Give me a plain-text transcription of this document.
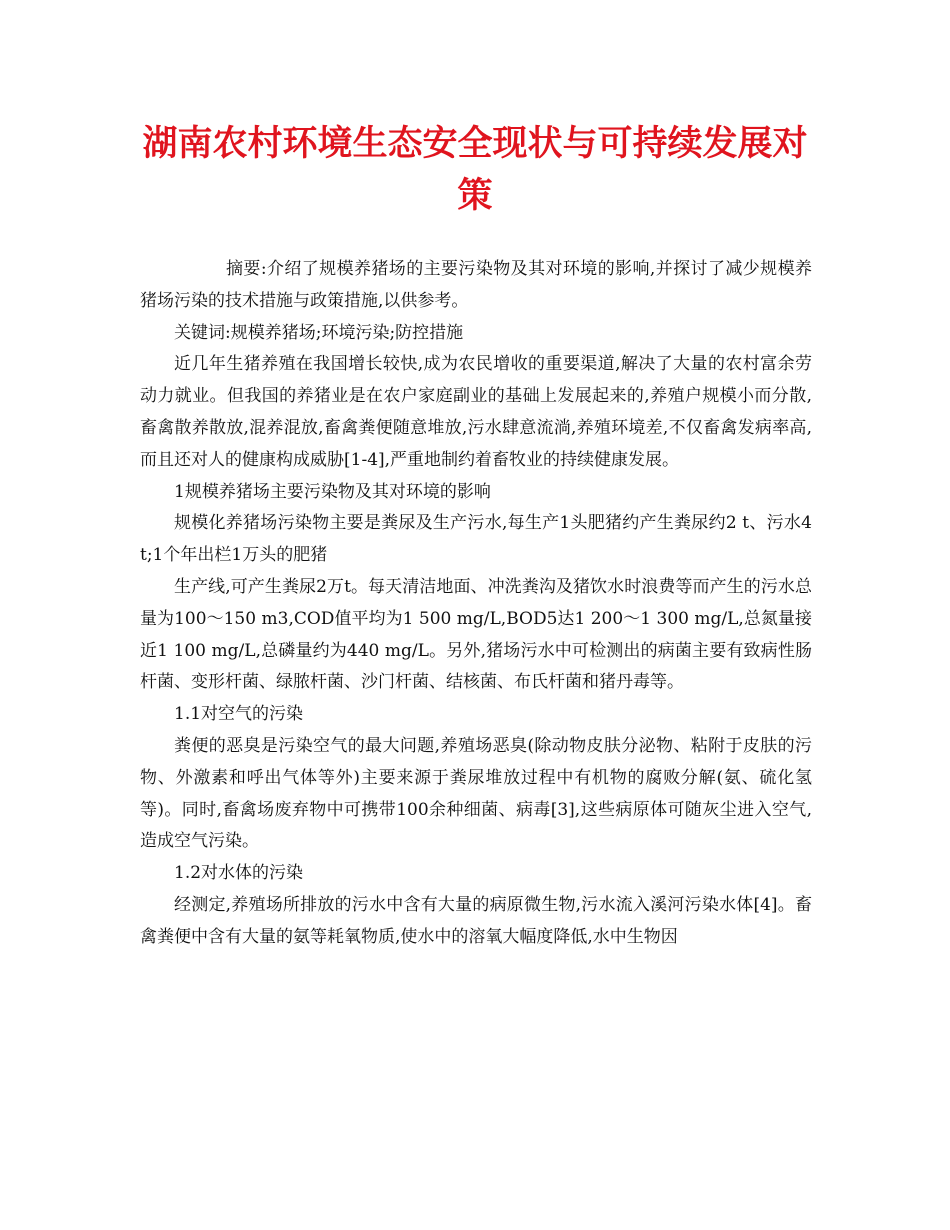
湖南农村环境生态安全现状与可持续发展对策

摘要:介绍了规模养猪场的主要污染物及其对环境的影响,并探讨了减少规模养猪场污染的技术措施与政策措施,以供参考。

关键词:规模养猪场;环境污染;防控措施

近几年生猪养殖在我国增长较快,成为农民增收的重要渠道,解决了大量的农村富余劳动力就业。但我国的养猪业是在农户家庭副业的基础上发展起来的,养殖户规模小而分散,畜禽散养散放,混养混放,畜禽粪便随意堆放,污水肆意流淌,养殖环境差,不仅畜禽发病率高,而且还对人的健康构成威胁[1-4],严重地制约着畜牧业的持续健康发展。

1规模养猪场主要污染物及其对环境的影响

规模化养猪场污染物主要是粪尿及生产污水,每生产1头肥猪约产生粪尿约2 t、污水4 t;1个年出栏1万头的肥猪

生产线,可产生粪尿2万t。每天清洁地面、冲洗粪沟及猪饮水时浪费等而产生的污水总量为100～150 m3,COD值平均为1 500 mg/L,BOD5达1 200～1 300 mg/L,总氮量接近1 100 mg/L,总磷量约为440 mg/L。另外,猪场污水中可检测出的病菌主要有致病性肠杆菌、变形杆菌、绿脓杆菌、沙门杆菌、结核菌、布氏杆菌和猪丹毒等。

1.1对空气的污染

粪便的恶臭是污染空气的最大问题,养殖场恶臭(除动物皮肤分泌物、粘附于皮肤的污物、外激素和呼出气体等外)主要来源于粪尿堆放过程中有机物的腐败分解(氨、硫化氢等)。同时,畜禽场废弃物中可携带100余种细菌、病毒[3],这些病原体可随灰尘进入空气,造成空气污染。

1.2对水体的污染

经测定,养殖场所排放的污水中含有大量的病原微生物,污水流入溪河污染水体[4]。畜禽粪便中含有大量的氨等耗氧物质,使水中的溶氧大幅度降低,水中生物因
